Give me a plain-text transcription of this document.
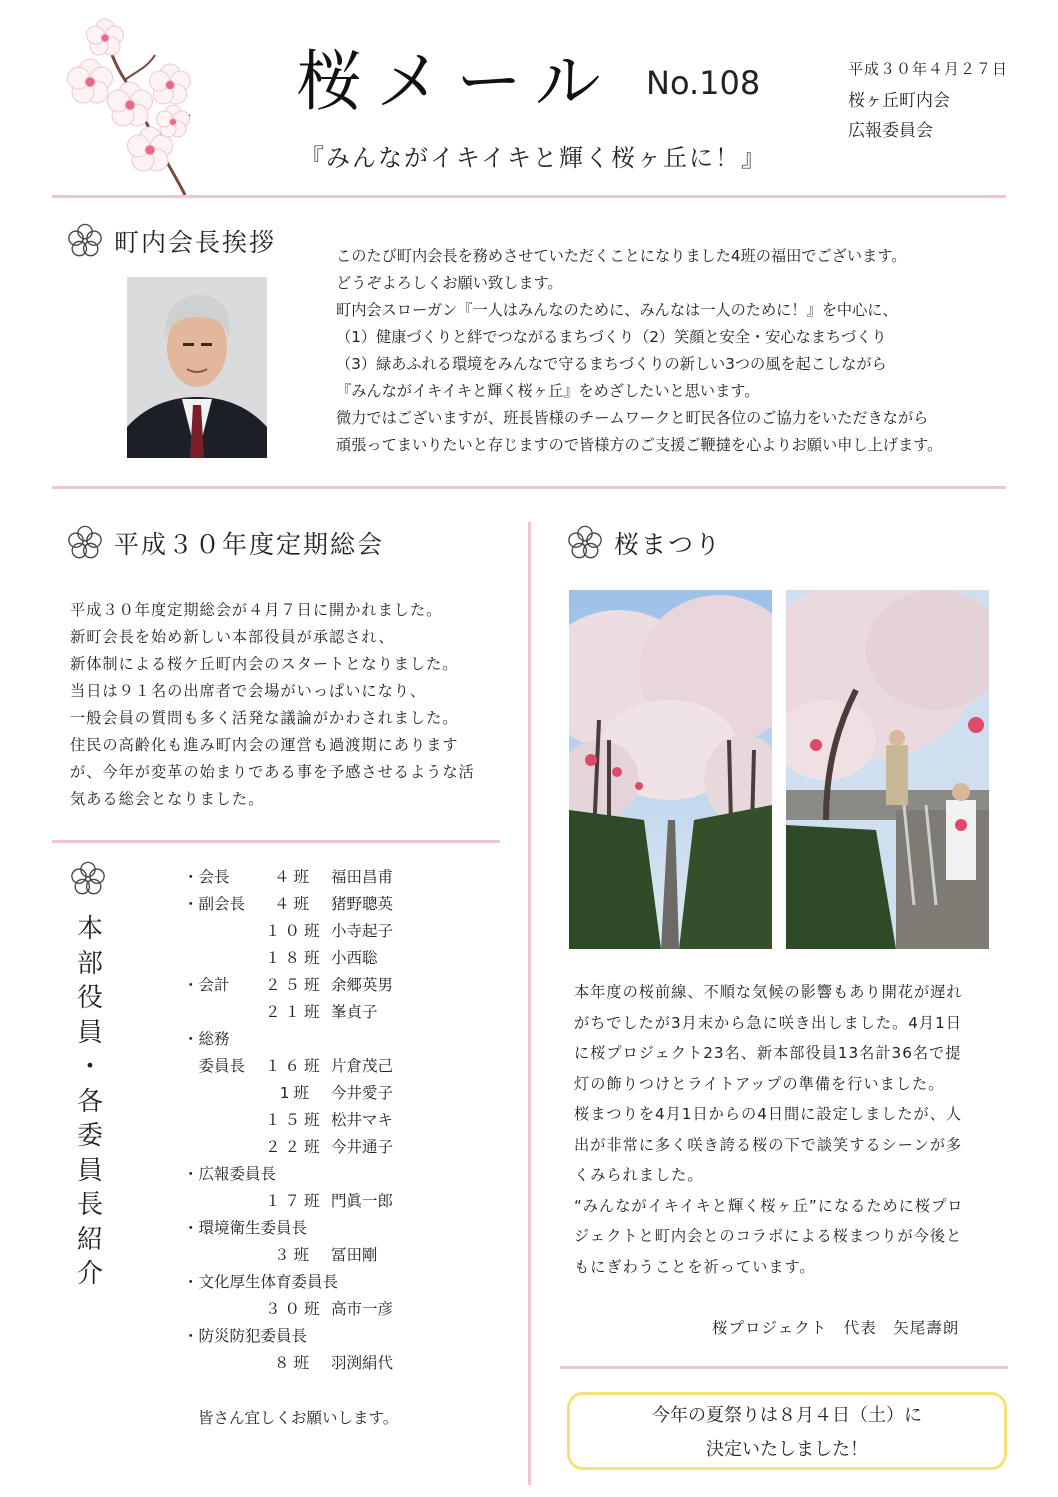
桜メール No.108
『みんながイキイキと輝く桜ヶ丘に！』
平成３０年４月２７日
桜ヶ丘町内会
広報委員会
町内会長挨拶	このたび町内会長を務めさせていただくことになりました4班の福田でございます。
どうぞよろしくお願い致します。
町内会スローガン『一人はみんなのために、みんなは一人のために！』を中心に、
（1）健康づくりと絆でつながるまちづくり（2）笑顔と安全・安心なまちづくり
（3）緑あふれる環境をみんなで守るまちづくりの新しい3つの風を起こしながら
『みんながイキイキと輝く桜ヶ丘』をめざしたいと思います。
微力ではございますが、班長皆様のチームワークと町民各位のご協力をいただきながら
頑張ってまいりたいと存じますので皆様方のご支援ご鞭撻を心よりお願い申し上げます。
平成３０年度定期総会
平成３０年度定期総会が４月７日に開かれました。
新町会長を始め新しい本部役員が承認され、
新体制による桜ケ丘町内会のスタートとなりました。
当日は９１名の出席者で会場がいっぱいになり、
一般会員の質問も多く活発な議論がかわされました。
住民の高齢化も進み町内会の運営も過渡期にあります
が、今年が変革の始まりである事を予感させるような活
気ある総会となりました。
本
部
役
員
・
各
委
員
長
紹
介
・会長	４班 福田昌甫
・副会長	４班 猪野聰英
１０班 小寺起子
１８班 小西聡
・会計 ２５班 余郷英男
２１班 峯貞子
・総務
　委員長 １６班 片倉茂己
1班 今井愛子
１５班 松井マキ
２２班 今井通子
・広報委員長
１７班 門眞一郎
・環境衛生委員長
３班 冨田剛
・文化厚生体育委員長
３０班 高市一彦
・防災防犯委員長
８班 羽渕絹代
皆さん宜しくお願いします。
桜まつり
本年度の桜前線、不順な気候の影響もあり開花が遅れ
がちでしたが3月末から急に咲き出しました。4月1日
に桜プロジェクト23名、新本部役員13名計36名で提
灯の飾りつけとライトアップの準備を行いました。
桜まつりを4月1日からの4日間に設定しましたが、人
出が非常に多く咲き誇る桜の下で談笑するシーンが多
くみられました。
“みんながイキイキと輝く桜ヶ丘”になるために桜プロ
ジェクトと町内会とのコラボによる桜まつりが今後と
もにぎわうことを祈っています。
桜プロジェクト　代表　矢尾壽朗
今年の夏祭りは８月４日（土）に
決定いたしました！
